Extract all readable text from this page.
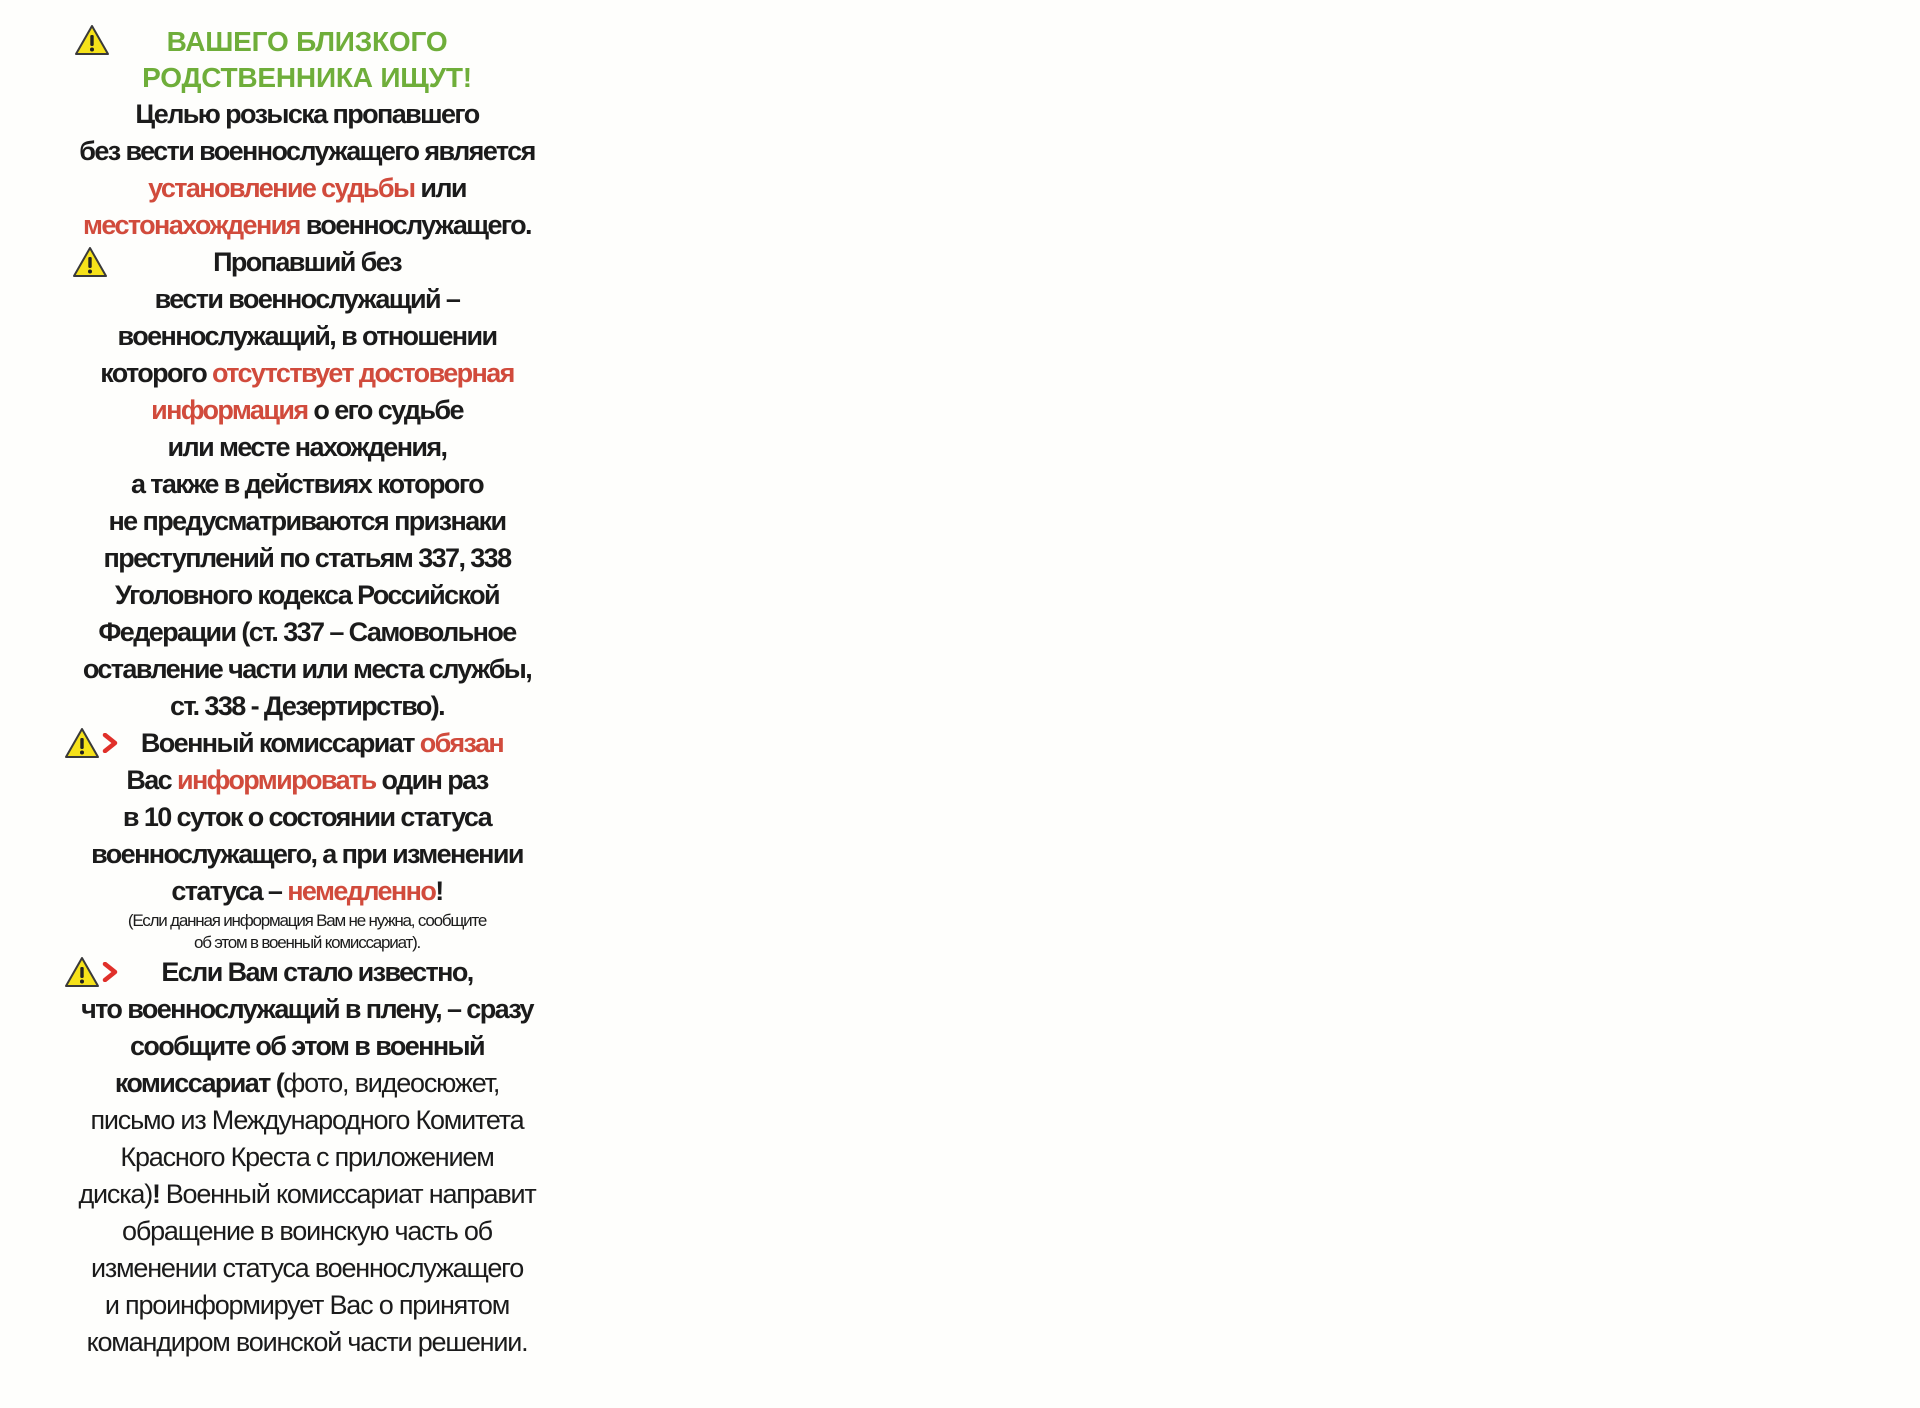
ВАШЕГО БЛИЗКОГО
РОДСТВЕННИКА ИЩУТ!
Целью розыска пропавшего
без вести военнослужащего является
установление судьбы или
местонахождения военнослужащего.
Пропавший без
вести военнослужащий –
военнослужащий, в отношении
которого отсутствует достоверная
информация о его судьбе
или месте нахождения,
а также в действиях которого
не предусматриваются признаки
преступлений по статьям 337, 338
Уголовного кодекса Российской
Федерации (ст. 337 – Самовольное
оставление части или места службы,
ст. 338 - Дезертирство).
Военный комиссариат обязан
Вас информировать один раз
в 10 суток о состоянии статуса
военнослужащего, а при изменении
статуса – немедленно!
(Если данная информация Вам не нужна, сообщите
об этом в военный комиссариат).
Если Вам стало известно,
что военнослужащий в плену, – сразу
сообщите об этом в военный
комиссариат (фото, видеосюжет,
письмо из Международного Комитета
Красного Креста с приложением
диска)! Военный комиссариат направит
обращение в воинскую часть об
изменении статуса военнослужащего
и проинформирует Вас о принятом
командиром воинской части решении.
